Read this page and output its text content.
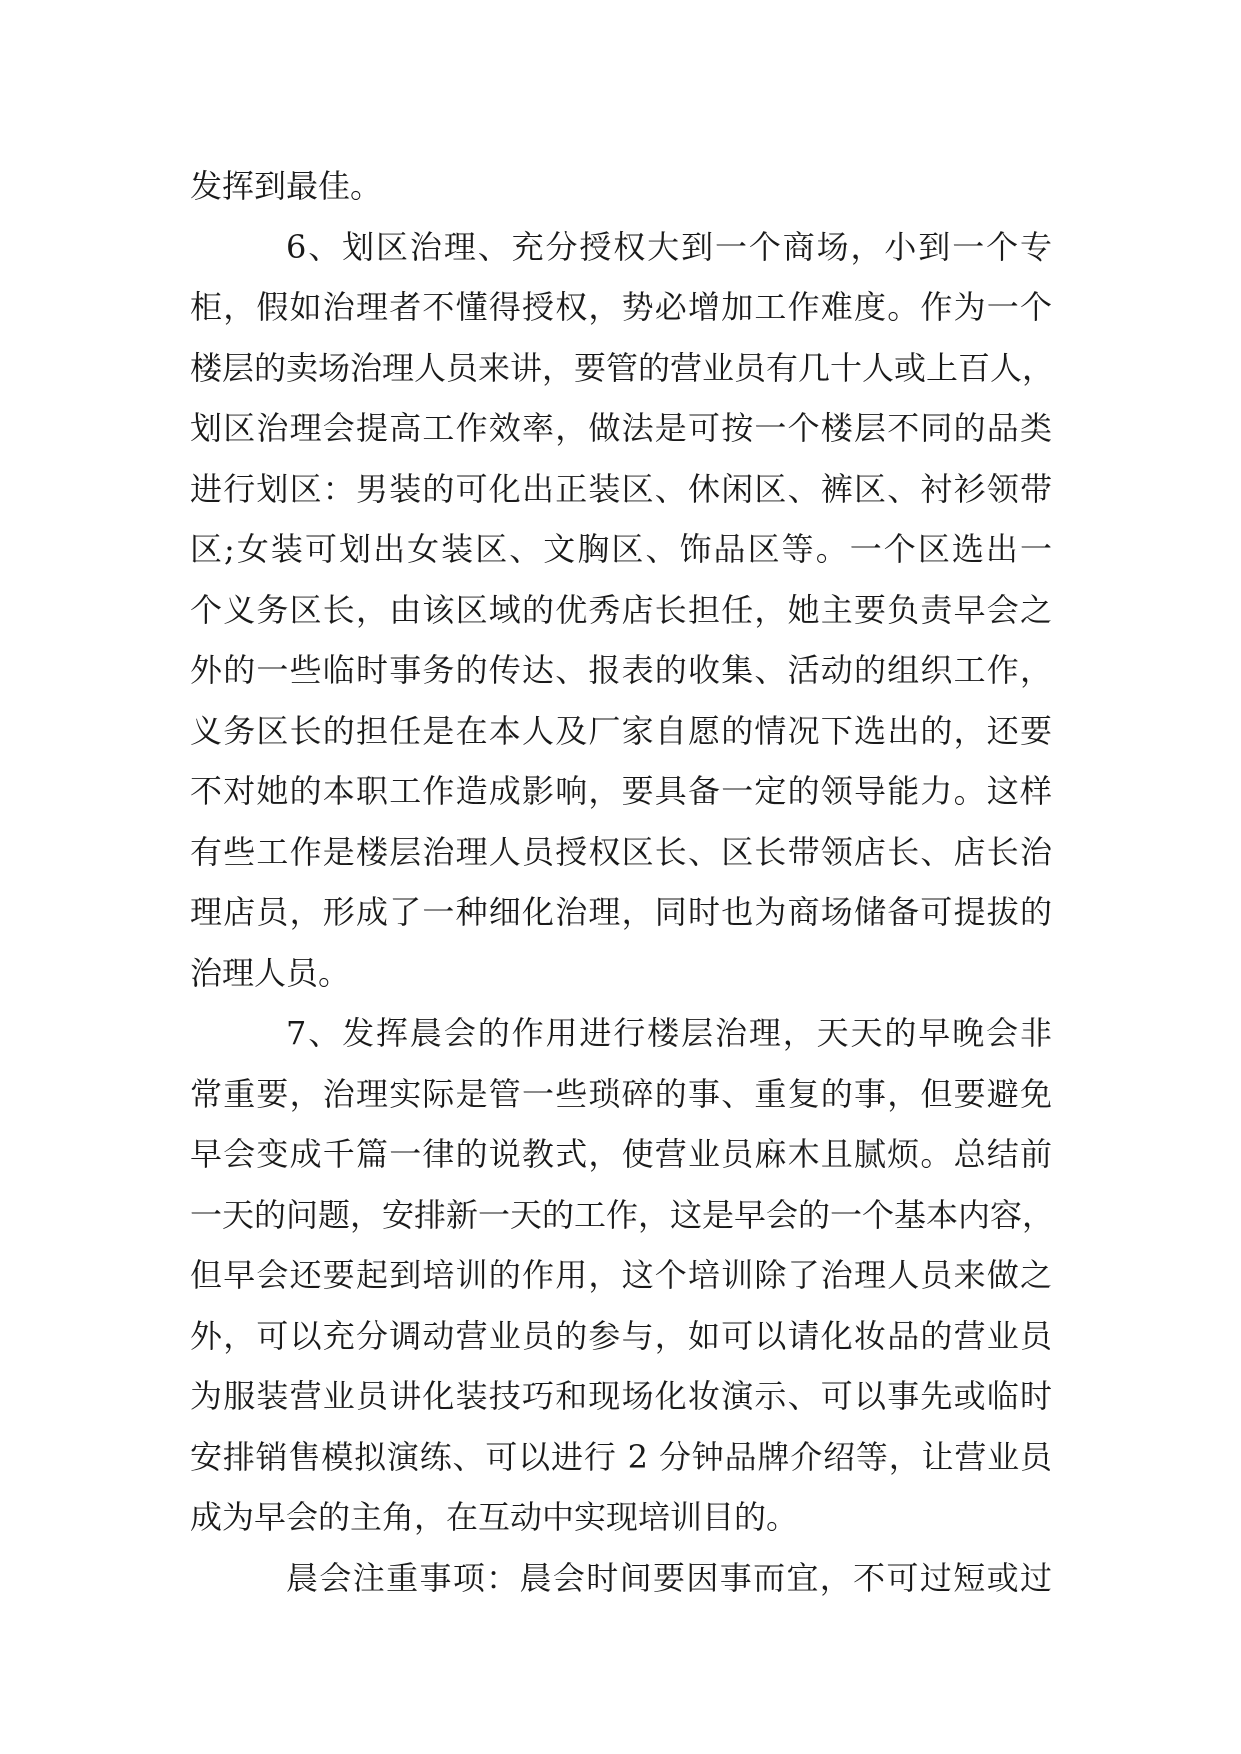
发挥到最佳。
6、划区治理、充分授权大到一个商场，小到一个专
柜，假如治理者不懂得授权，势必增加工作难度。作为一个
楼层的卖场治理人员来讲，要管的营业员有几十人或上百人，
划区治理会提高工作效率，做法是可按一个楼层不同的品类
进行划区：男装的可化出正装区、休闲区、裤区、衬衫领带
区;女装可划出女装区、文胸区、饰品区等。一个区选出一
个义务区长，由该区域的优秀店长担任，她主要负责早会之
外的一些临时事务的传达、报表的收集、活动的组织工作，
义务区长的担任是在本人及厂家自愿的情况下选出的，还要
不对她的本职工作造成影响，要具备一定的领导能力。这样
有些工作是楼层治理人员授权区长、区长带领店长、店长治
理店员，形成了一种细化治理，同时也为商场储备可提拔的
治理人员。
7、发挥晨会的作用进行楼层治理，天天的早晚会非
常重要，治理实际是管一些琐碎的事、重复的事，但要避免
早会变成千篇一律的说教式，使营业员麻木且腻烦。总结前
一天的问题，安排新一天的工作，这是早会的一个基本内容，
但早会还要起到培训的作用，这个培训除了治理人员来做之
外，可以充分调动营业员的参与，如可以请化妆品的营业员
为服装营业员讲化装技巧和现场化妆演示、可以事先或临时
安排销售模拟演练、可以进行 2 分钟品牌介绍等，让营业员
成为早会的主角，在互动中实现培训目的。
晨会注重事项：晨会时间要因事而宜，不可过短或过
